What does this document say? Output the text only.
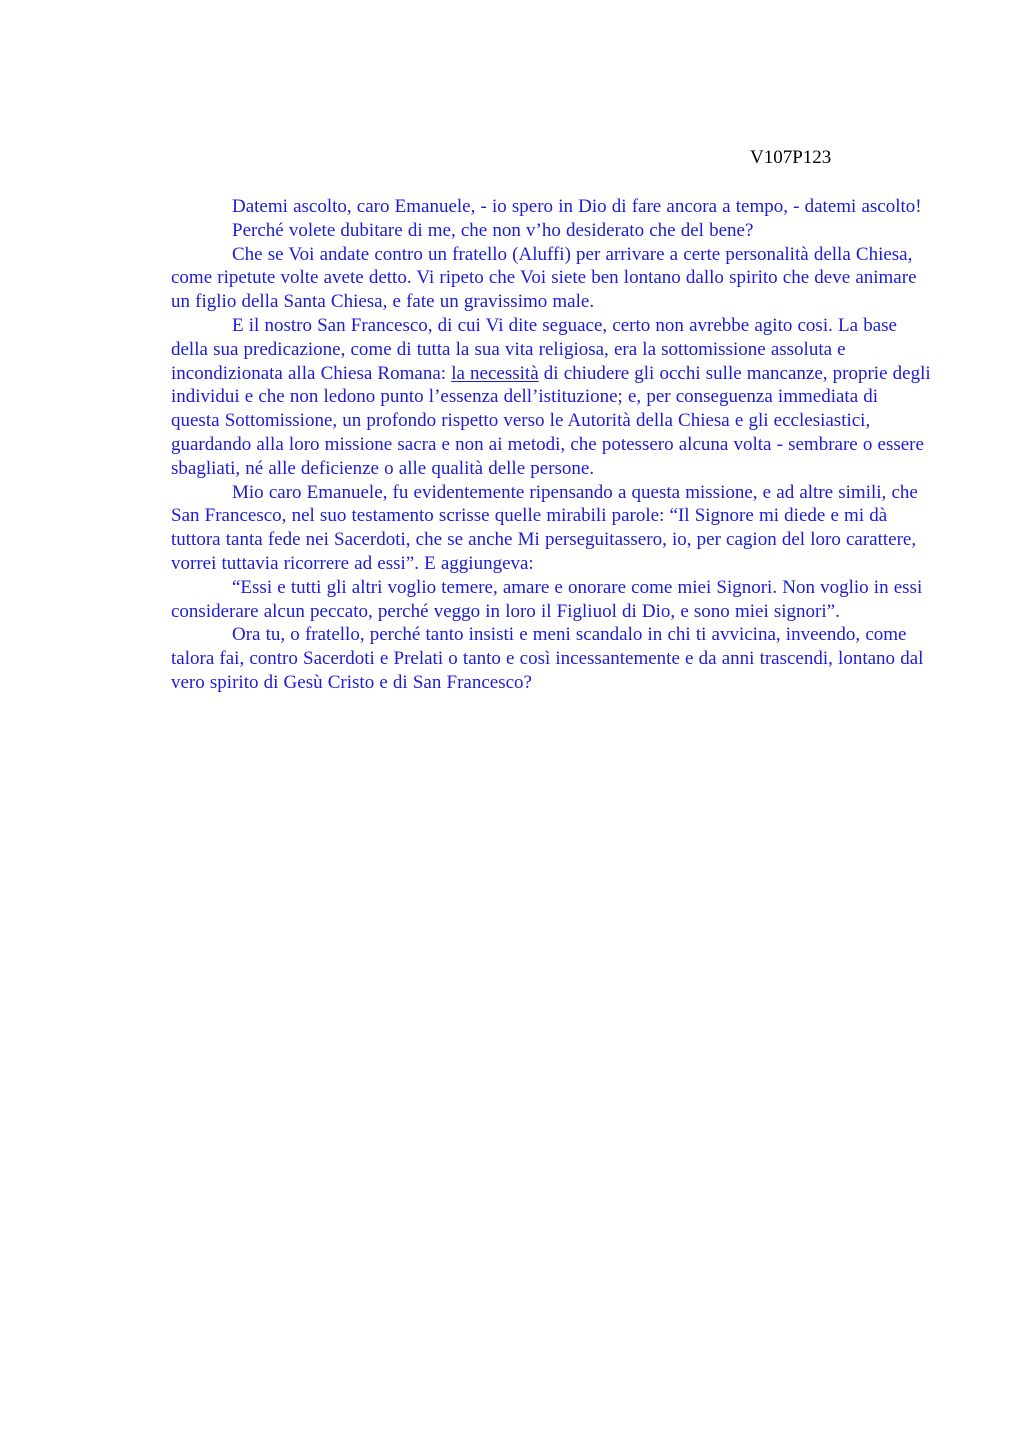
V107P123

Datemi ascolto, caro Emanuele, - io spero in Dio di fare ancora a tempo, - datemi ascolto!

Perché volete dubitare di me, che non v’ho desiderato che del bene?

Che se Voi andate contro un fratello (Aluffi) per arrivare a certe personalità della Chiesa, come ripetute volte avete detto. Vi ripeto che Voi siete ben lontano dallo spirito che deve animare un figlio della Santa Chiesa, e fate un gravissimo male.

E il nostro San Francesco, di cui Vi dite seguace, certo non avrebbe agito cosi. La base della sua predicazione, come di tutta la sua vita religiosa, era la sottomissione assoluta e incondizionata alla Chiesa Romana: la necessità di chiudere gli occhi sulle mancanze, proprie degli individui e che non ledono punto l’essenza dell’istituzione; e, per conseguenza immediata di questa Sottomissione, un profondo rispetto verso le Autorità della Chiesa e gli ecclesiastici, guardando alla loro missione sacra e non ai metodi, che potessero alcuna volta - sembrare o essere sbagliati, né alle deficienze o alle qualità delle persone.

Mio caro Emanuele, fu evidentemente ripensando a questa missione, e ad altre simili, che San Francesco, nel suo testamento scrisse quelle mirabili parole: “Il Signore mi diede e mi dà tuttora tanta fede nei Sacerdoti, che se anche Mi perseguitassero, io, per cagion del loro carattere, vorrei tuttavia ricorrere ad essi”. E aggiungeva:

“Essi e tutti gli altri voglio temere, amare e onorare come miei Signori. Non voglio in essi considerare alcun peccato, perché veggo in loro il Figliuol di Dio, e sono miei signori”.

Ora tu, o fratello, perché tanto insisti e meni scandalo in chi ti avvicina, inveendo, come talora fai, contro Sacerdoti e Prelati o tanto e così incessantemente e da anni trascendi, lontano dal vero spirito di Gesù Cristo e di San Francesco?
